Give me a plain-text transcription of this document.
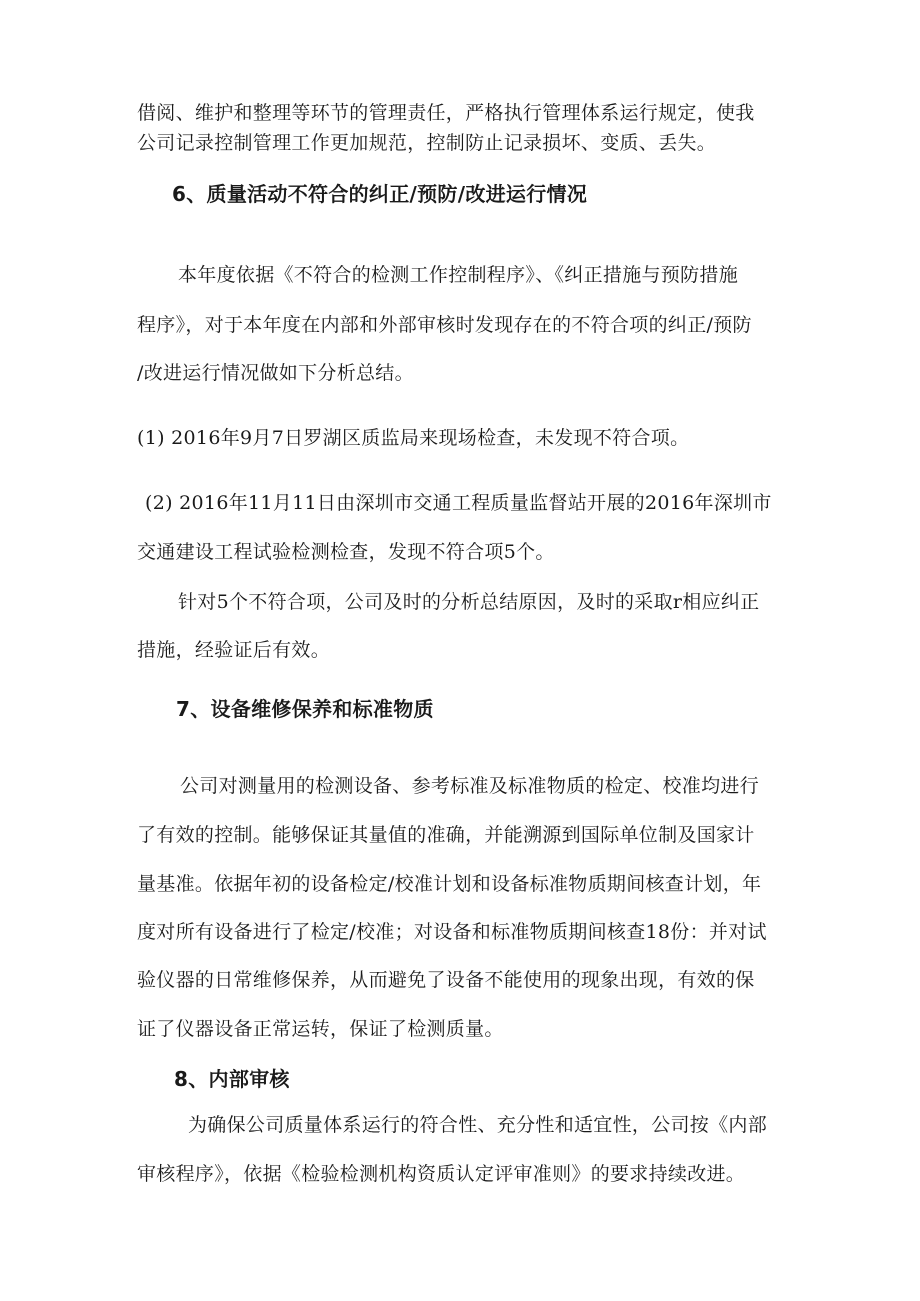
借阅、维护和整理等环节的管理责任，严格执行管理体系运行规定，使我
公司记录控制管理工作更加规范，控制防止记录损坏、变质、丢失。
6、质量活动不符合的纠正/预防/改进运行情况
本年度依据《不符合的检测工作控制程序》、《纠正措施与预防措施
程序》，对于本年度在内部和外部审核时发现存在的不符合项的纠正/预防
/改进运行情况做如下分析总结。
(1) 2016年9月7日罗湖区质监局来现场检查，未发现不符合项。
(2) 2016年11月11日由深圳市交通工程质量监督站开展的2016年深圳市
交通建设工程试验检测检查，发现不符合项5个。
针对5个不符合项，公司及时的分析总结原因，及时的采取r相应纠正
措施，经验证后有效。
7、设备维修保养和标准物质
公司对测量用的检测设备、参考标准及标准物质的检定、校准均进行
了有效的控制。能够保证其量值的准确，并能溯源到国际单位制及国家计
量基准。依据年初的设备检定/校准计划和设备标准物质期间核查计划，年
度对所有设备进行了检定/校准；对设备和标准物质期间核查18份：并对试
验仪器的日常维修保养，从而避免了设备不能使用的现象出现，有效的保
证了仪器设备正常运转，保证了检测质量。
8、内部审核
为确保公司质量体系运行的符合性、充分性和适宜性，公司按《内部
审核程序》，依据《检验检测机构资质认定评审准则》的要求持续改进。
